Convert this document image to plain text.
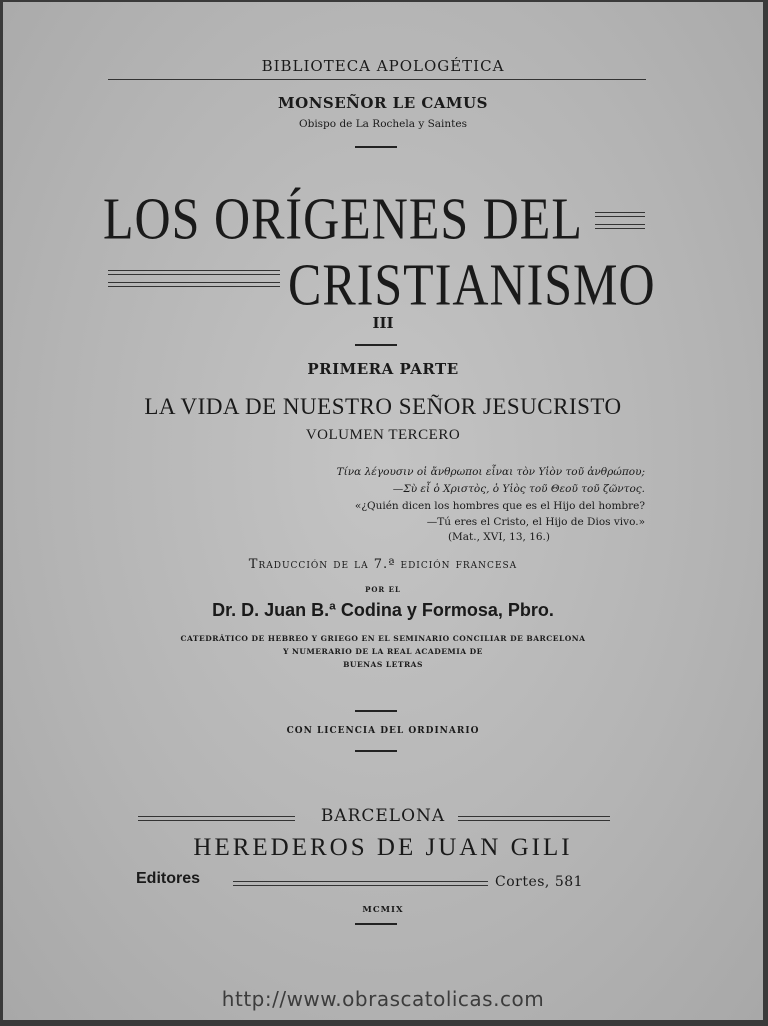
BIBLIOTECA APOLOGÉTICA
MONSEÑOR LE CAMUS
Obispo de La Rochela y Saintes
LOS ORÍGENES DEL
CRISTIANISMO
III
PRIMERA PARTE
LA VIDA DE NUESTRO SEÑOR JESUCRISTO
VOLUMEN TERCERO
Τίνα λέγουσιν οἱ ἄνθρωποι εἶναι τὸν Υἱὸν τοῦ ἀνθρώπου;
—Σὺ εἶ ὁ Χριστὸς, ὁ Υἱὸς τοῦ Θεοῦ τοῦ ζῶντος.
«¿Quién dicen los hombres que es el Hijo del hombre?
—Tú eres el Cristo, el Hijo de Dios vivo.»
(Mat., XVI, 13, 16.)
Traducción de la 7.ª edición francesa
POR EL
Dr. D. Juan B.ª Codina y Formosa, Pbro.
CATEDRÁTICO DE HEBREO Y GRIEGO EN EL SEMINARIO CONCILIAR DE BARCELONA
Y NUMERARIO DE LA REAL ACADEMIA DE
BUENAS LETRAS
CON LICENCIA DEL ORDINARIO
BARCELONA
HEREDEROS DE JUAN GILI
Editores	Cortes, 581
MCMIX
http://www.obrascatolicas.com
